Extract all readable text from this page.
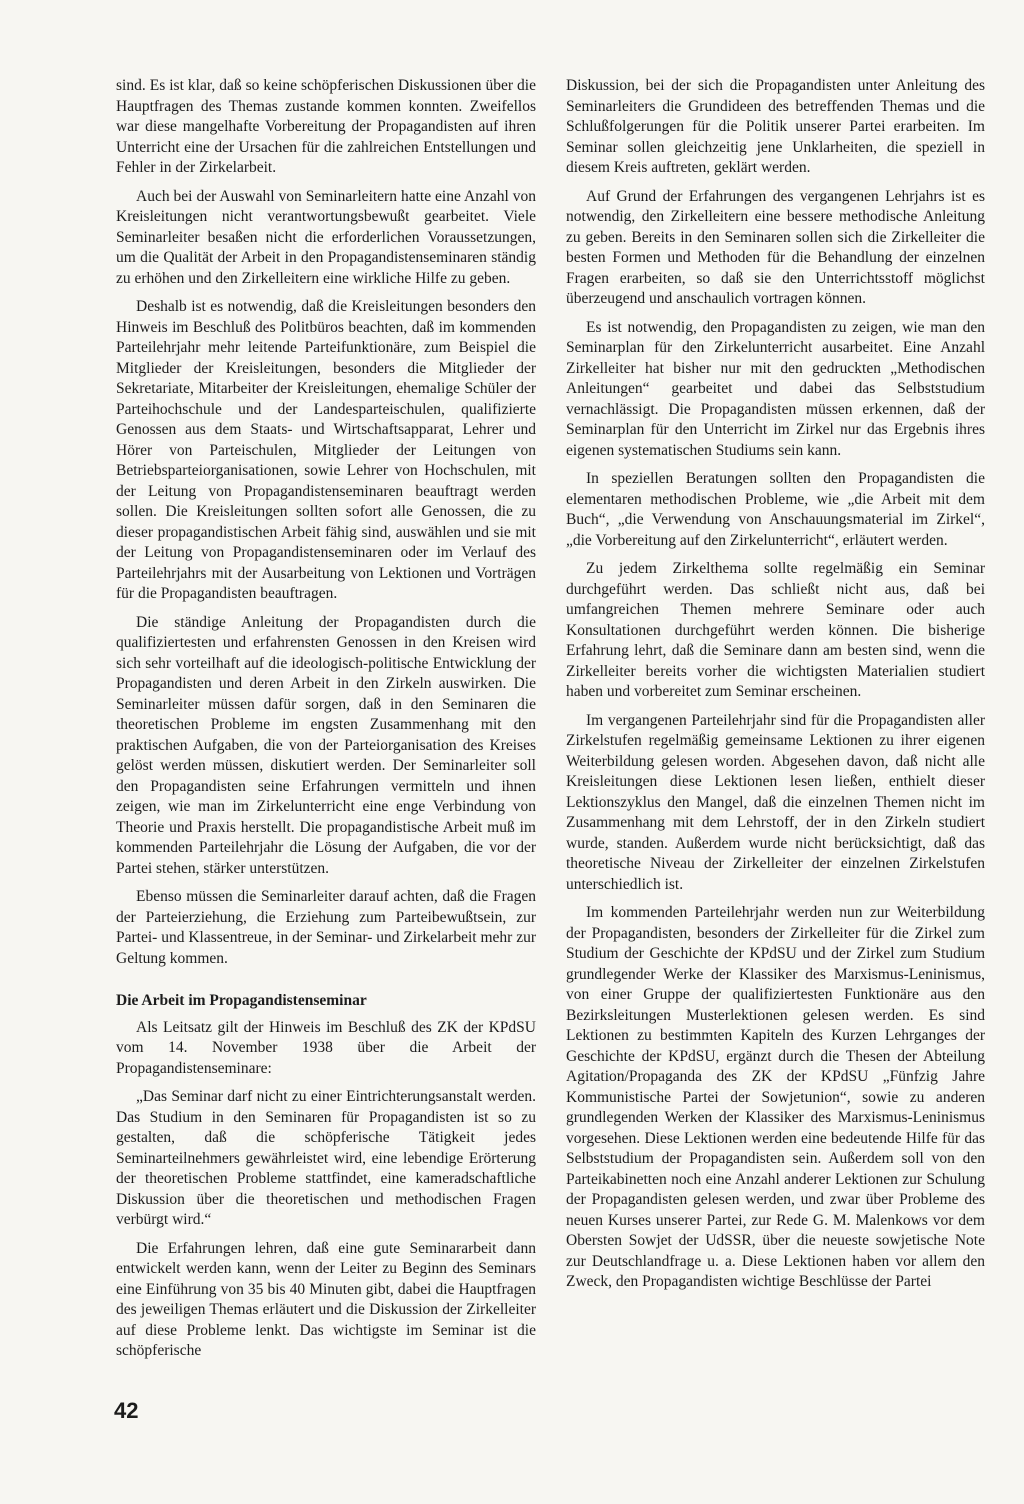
sind. Es ist klar, daß so keine schöpferischen Diskussionen über die Hauptfragen des Themas zustande kommen konnten. Zweifellos war diese mangelhafte Vorbereitung der Propagandisten auf ihren Unterricht eine der Ursachen für die zahlreichen Entstellungen und Fehler in der Zirkelarbeit.

Auch bei der Auswahl von Seminarleitern hatte eine Anzahl von Kreisleitungen nicht verantwortungsbewußt gearbeitet. Viele Seminarleiter besaßen nicht die erforderlichen Voraussetzungen, um die Qualität der Arbeit in den Propagandistenseminaren ständig zu erhöhen und den Zirkelleitern eine wirkliche Hilfe zu geben.

Deshalb ist es notwendig, daß die Kreisleitungen besonders den Hinweis im Beschluß des Politbüros beachten, daß im kommenden Parteilehrjahr mehr leitende Parteifunktionäre, zum Beispiel die Mitglieder der Kreisleitungen, besonders die Mitglieder der Sekretariate, Mitarbeiter der Kreisleitungen, ehemalige Schüler der Parteihochschule und der Landesparteischulen, qualifizierte Genossen aus dem Staats- und Wirtschaftsapparat, Lehrer und Hörer von Parteischulen, Mitglieder der Leitungen von Betriebsparteiorganisationen, sowie Lehrer von Hochschulen, mit der Leitung von Propagandistenseminaren beauftragt werden sollen. Die Kreisleitungen sollten sofort alle Genossen, die zu dieser propagandistischen Arbeit fähig sind, auswählen und sie mit der Leitung von Propagandistenseminaren oder im Verlauf des Parteilehrjahrs mit der Ausarbeitung von Lektionen und Vorträgen für die Propagandisten beauftragen.

Die ständige Anleitung der Propagandisten durch die qualifiziertesten und erfahrensten Genossen in den Kreisen wird sich sehr vorteilhaft auf die ideologisch-politische Entwicklung der Propagandisten und deren Arbeit in den Zirkeln auswirken. Die Seminarleiter müssen dafür sorgen, daß in den Seminaren die theoretischen Probleme im engsten Zusammenhang mit den praktischen Aufgaben, die von der Parteiorganisation des Kreises gelöst werden müssen, diskutiert werden. Der Seminarleiter soll den Propagandisten seine Erfahrungen vermitteln und ihnen zeigen, wie man im Zirkelunterricht eine enge Verbindung von Theorie und Praxis herstellt. Die propagandistische Arbeit muß im kommenden Parteilehrjahr die Lösung der Aufgaben, die vor der Partei stehen, stärker unterstützen.

Ebenso müssen die Seminarleiter darauf achten, daß die Fragen der Parteierziehung, die Erziehung zum Parteibewußtsein, zur Partei- und Klassentreue, in der Seminar- und Zirkelarbeit mehr zur Geltung kommen.

Die Arbeit im Propagandistenseminar

Als Leitsatz gilt der Hinweis im Beschluß des ZK der KPdSU vom 14. November 1938 über die Arbeit der Propagandistenseminare:

„Das Seminar darf nicht zu einer Eintrichterungsanstalt werden. Das Studium in den Seminaren für Propagandisten ist so zu gestalten, daß die schöpferische Tätigkeit jedes Seminarteilnehmers gewährleistet wird, eine lebendige Erörterung der theoretischen Probleme stattfindet, eine kameradschaftliche Diskussion über die theoretischen und methodischen Fragen verbürgt wird.“

Die Erfahrungen lehren, daß eine gute Seminararbeit dann entwickelt werden kann, wenn der Leiter zu Beginn des Seminars eine Einführung von 35 bis 40 Minuten gibt, dabei die Hauptfragen des jeweiligen Themas erläutert und die Diskussion der Zirkelleiter auf diese Probleme lenkt. Das wichtigste im Seminar ist die schöpferische

Diskussion, bei der sich die Propagandisten unter Anleitung des Seminarleiters die Grundideen des betreffenden Themas und die Schlußfolgerungen für die Politik unserer Partei erarbeiten. Im Seminar sollen gleichzeitig jene Unklarheiten, die speziell in diesem Kreis auftreten, geklärt werden.

Auf Grund der Erfahrungen des vergangenen Lehrjahrs ist es notwendig, den Zirkelleitern eine bessere methodische Anleitung zu geben. Bereits in den Seminaren sollen sich die Zirkelleiter die besten Formen und Methoden für die Behandlung der einzelnen Fragen erarbeiten, so daß sie den Unterrichtsstoff möglichst überzeugend und anschaulich vortragen können.

Es ist notwendig, den Propagandisten zu zeigen, wie man den Seminarplan für den Zirkelunterricht ausarbeitet. Eine Anzahl Zirkelleiter hat bisher nur mit den gedruckten „Methodischen Anleitungen“ gearbeitet und dabei das Selbststudium vernachlässigt. Die Propagandisten müssen erkennen, daß der Seminarplan für den Unterricht im Zirkel nur das Ergebnis ihres eigenen systematischen Studiums sein kann.

In speziellen Beratungen sollten den Propagandisten die elementaren methodischen Probleme, wie „die Arbeit mit dem Buch“, „die Verwendung von Anschauungsmaterial im Zirkel“, „die Vorbereitung auf den Zirkelunterricht“, erläutert werden.

Zu jedem Zirkelthema sollte regelmäßig ein Seminar durchgeführt werden. Das schließt nicht aus, daß bei umfangreichen Themen mehrere Seminare oder auch Konsultationen durchgeführt werden können. Die bisherige Erfahrung lehrt, daß die Seminare dann am besten sind, wenn die Zirkelleiter bereits vorher die wichtigsten Materialien studiert haben und vorbereitet zum Seminar erscheinen.

Im vergangenen Parteilehrjahr sind für die Propagandisten aller Zirkelstufen regelmäßig gemeinsame Lektionen zu ihrer eigenen Weiterbildung gelesen worden. Abgesehen davon, daß nicht alle Kreisleitungen diese Lektionen lesen ließen, enthielt dieser Lektionszyklus den Mangel, daß die einzelnen Themen nicht im Zusammenhang mit dem Lehrstoff, der in den Zirkeln studiert wurde, standen. Außerdem wurde nicht berücksichtigt, daß das theoretische Niveau der Zirkelleiter der einzelnen Zirkelstufen unterschiedlich ist.

Im kommenden Parteilehrjahr werden nun zur Weiterbildung der Propagandisten, besonders der Zirkelleiter für die Zirkel zum Studium der Geschichte der KPdSU und der Zirkel zum Studium grundlegender Werke der Klassiker des Marxismus-Leninismus, von einer Gruppe der qualifiziertesten Funktionäre aus den Bezirksleitungen Musterlektionen gelesen werden. Es sind Lektionen zu bestimmten Kapiteln des Kurzen Lehrganges der Geschichte der KPdSU, ergänzt durch die Thesen der Abteilung Agitation/Propaganda des ZK der KPdSU „Fünfzig Jahre Kommunistische Partei der Sowjetunion“, sowie zu anderen grundlegenden Werken der Klassiker des Marxismus-Leninismus vorgesehen. Diese Lektionen werden eine bedeutende Hilfe für das Selbststudium der Propagandisten sein. Außerdem soll von den Parteikabinetten noch eine Anzahl anderer Lektionen zur Schulung der Propagandisten gelesen werden, und zwar über Probleme des neuen Kurses unserer Partei, zur Rede G. M. Malenkows vor dem Obersten Sowjet der UdSSR, über die neueste sowjetische Note zur Deutschlandfrage u. a. Diese Lektionen haben vor allem den Zweck, den Propagandisten wichtige Beschlüsse der Partei

42
